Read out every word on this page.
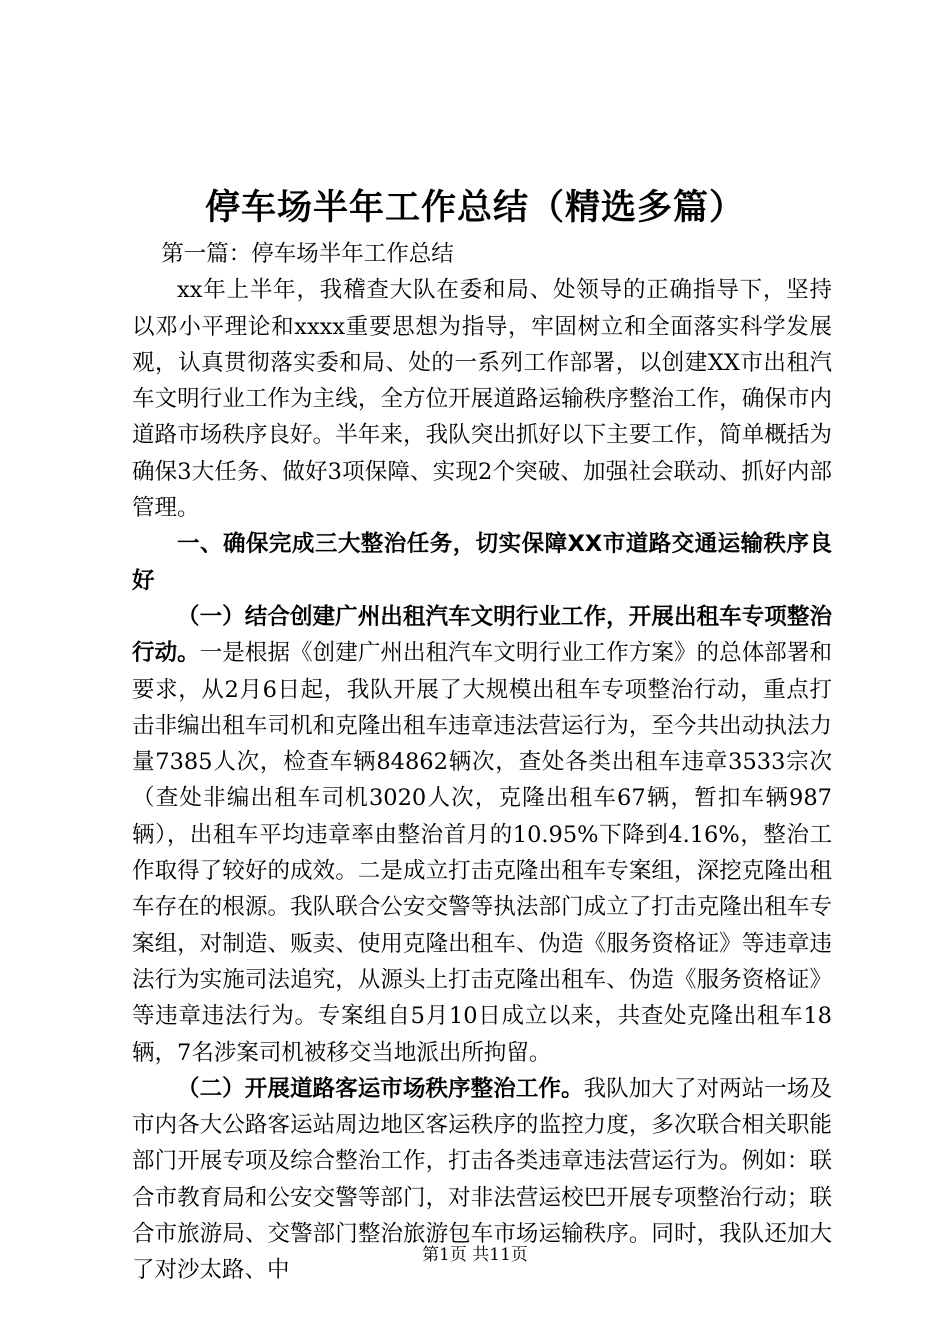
停车场半年工作总结（精选多篇）

第一篇：停车场半年工作总结

xx年上半年，我稽查大队在委和局、处领导的正确指导下，坚持以邓小平理论和xxxx重要思想为指导，牢固树立和全面落实科学发展观，认真贯彻落实委和局、处的一系列工作部署，以创建XX市出租汽车文明行业工作为主线，全方位开展道路运输秩序整治工作，确保市内道路市场秩序良好。半年来，我队突出抓好以下主要工作，简单概括为确保3大任务、做好3项保障、实现2个突破、加强社会联动、抓好内部管理。

一、确保完成三大整治任务，切实保障XX市道路交通运输秩序良好

（一）结合创建广州出租汽车文明行业工作，开展出租车专项整治行动。一是根据《创建广州出租汽车文明行业工作方案》的总体部署和要求，从2月6日起，我队开展了大规模出租车专项整治行动，重点打击非编出租车司机和克隆出租车违章违法营运行为，至今共出动执法力量7385人次，检查车辆84862辆次，查处各类出租车违章3533宗次（查处非编出租车司机3020人次，克隆出租车67辆，暂扣车辆987辆），出租车平均违章率由整治首月的10.95%下降到4.16%，整治工作取得了较好的成效。二是成立打击克隆出租车专案组，深挖克隆出租车存在的根源。我队联合公安交警等执法部门成立了打击克隆出租车专案组，对制造、贩卖、使用克隆出租车、伪造《服务资格证》等违章违法行为实施司法追究，从源头上打击克隆出租车、伪造《服务资格证》等违章违法行为。专案组自5月10日成立以来，共查处克隆出租车18辆，7名涉案司机被移交当地派出所拘留。

（二）开展道路客运市场秩序整治工作。我队加大了对两站一场及市内各大公路客运站周边地区客运秩序的监控力度，多次联合相关职能部门开展专项及综合整治工作，打击各类违章违法营运行为。例如：联合市教育局和公安交警等部门，对非法营运校巴开展专项整治行动；联合市旅游局、交警部门整治旅游包车市场运输秩序。同时，我队还加大了对沙太路、中

第1页 共11页
